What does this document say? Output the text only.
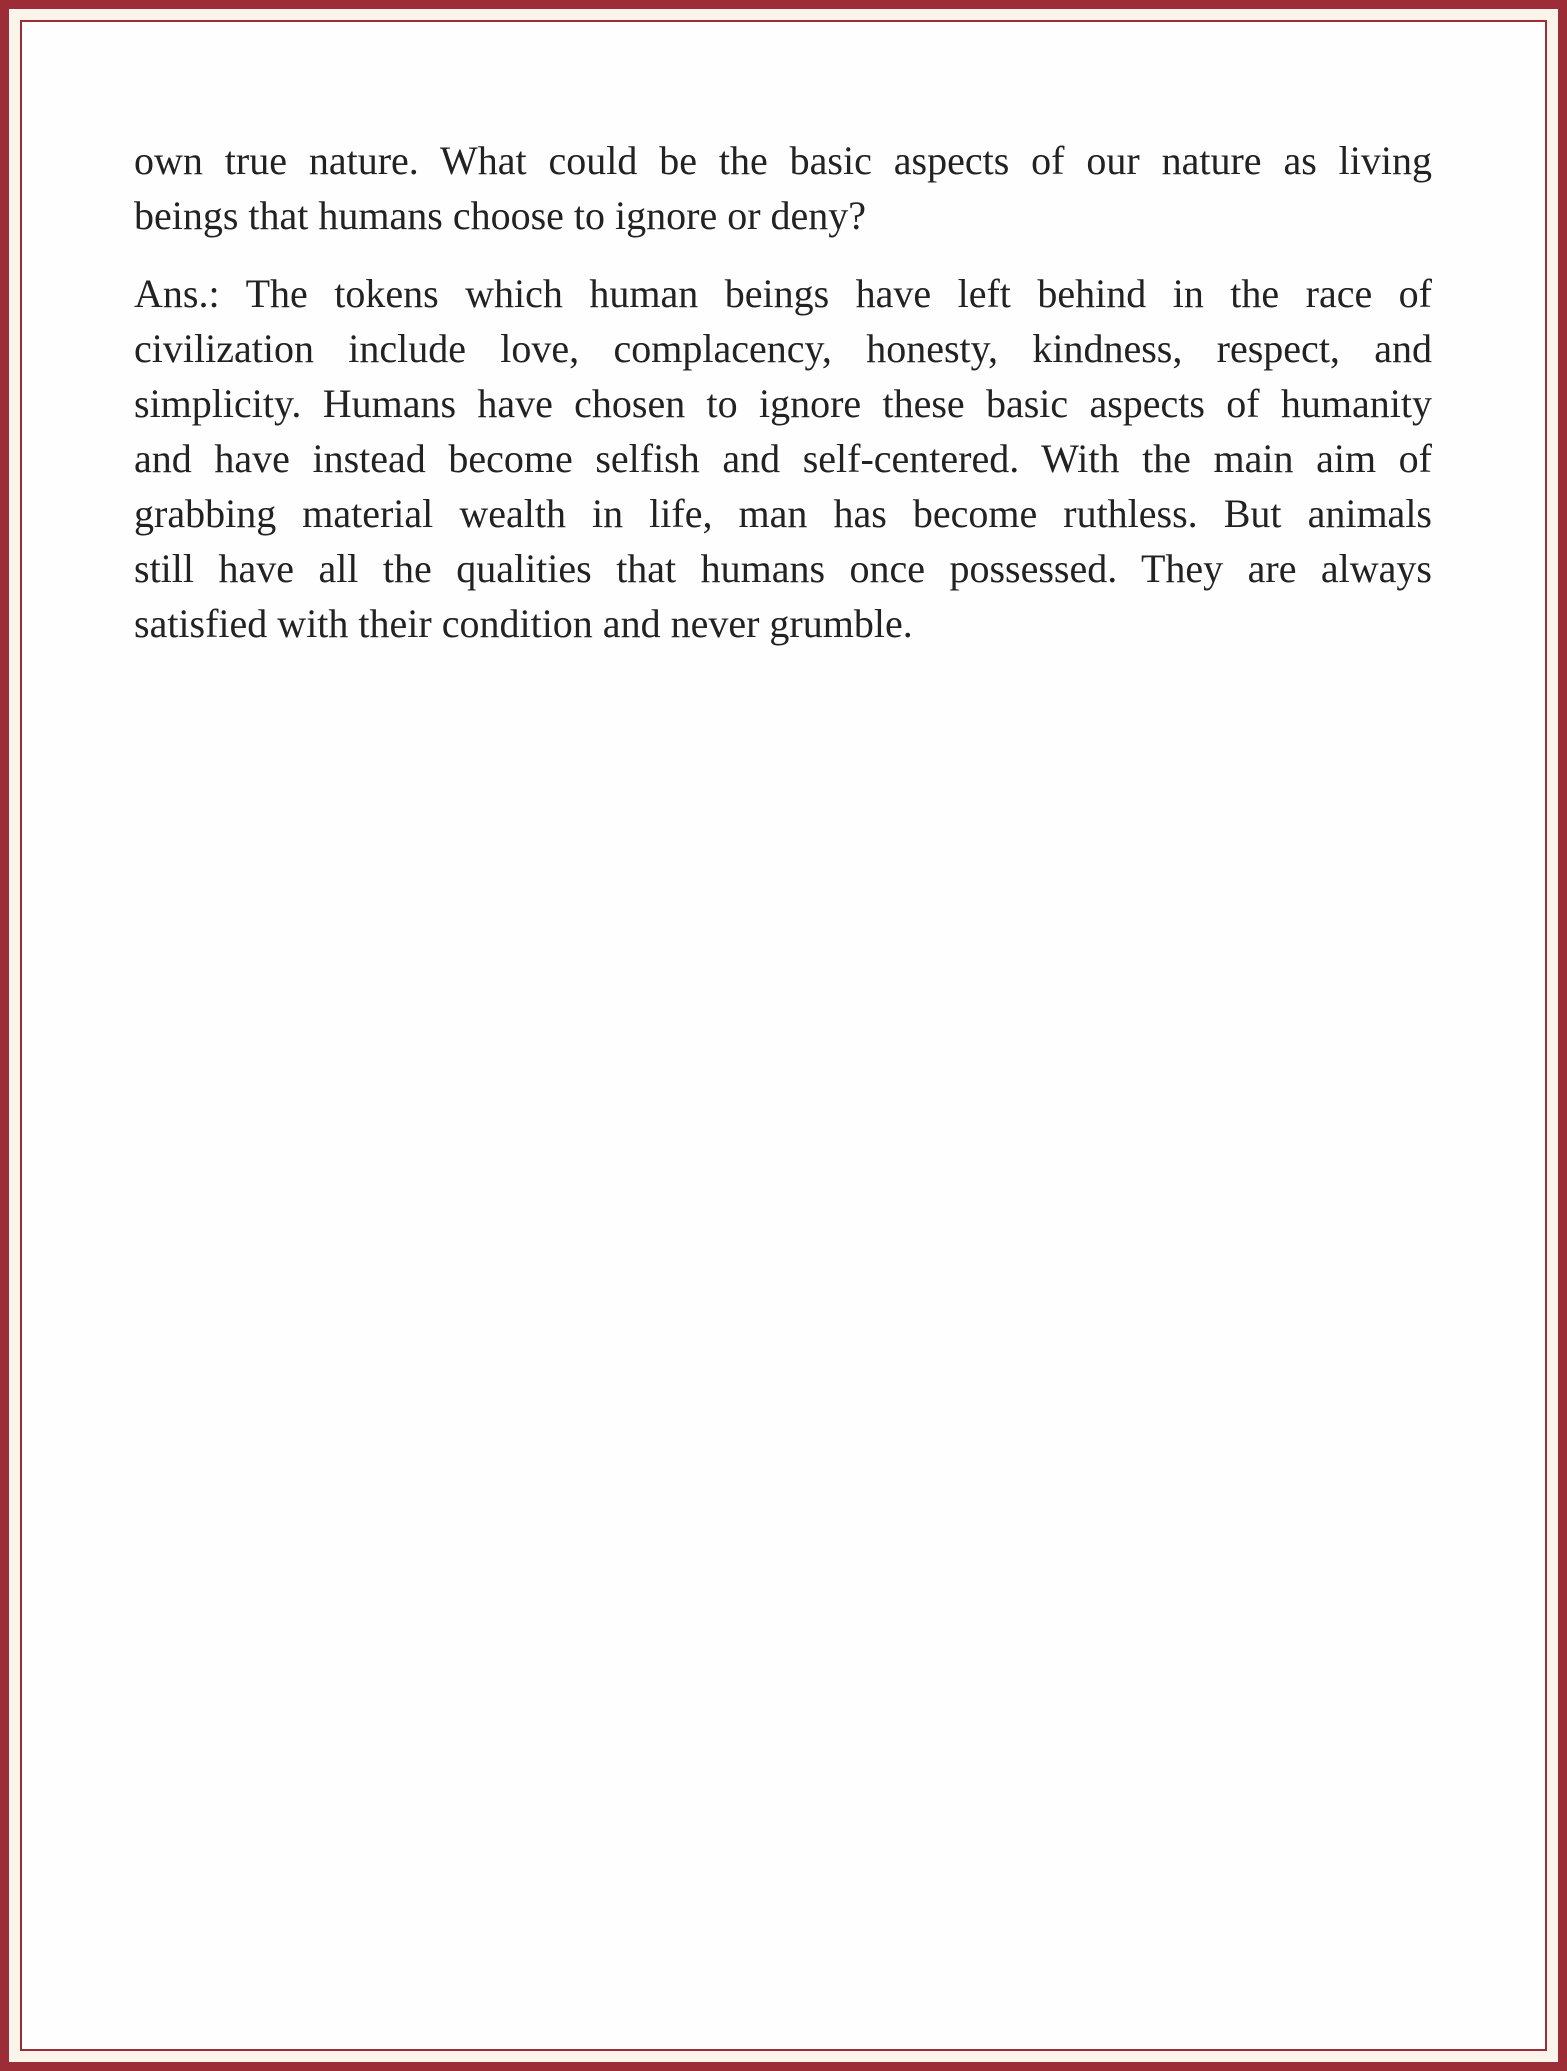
own true nature. What could be the basic aspects of our nature as living
beings that humans choose to ignore or deny?
Ans.: The tokens which human beings have left behind in the race of
civilization include love, complacency, honesty, kindness, respect, and
simplicity. Humans have chosen to ignore these basic aspects of humanity
and have instead become selfish and self-centered. With the main aim of
grabbing material wealth in life, man has become ruthless. But animals
still have all the qualities that humans once possessed. They are always
satisfied with their condition and never grumble.
